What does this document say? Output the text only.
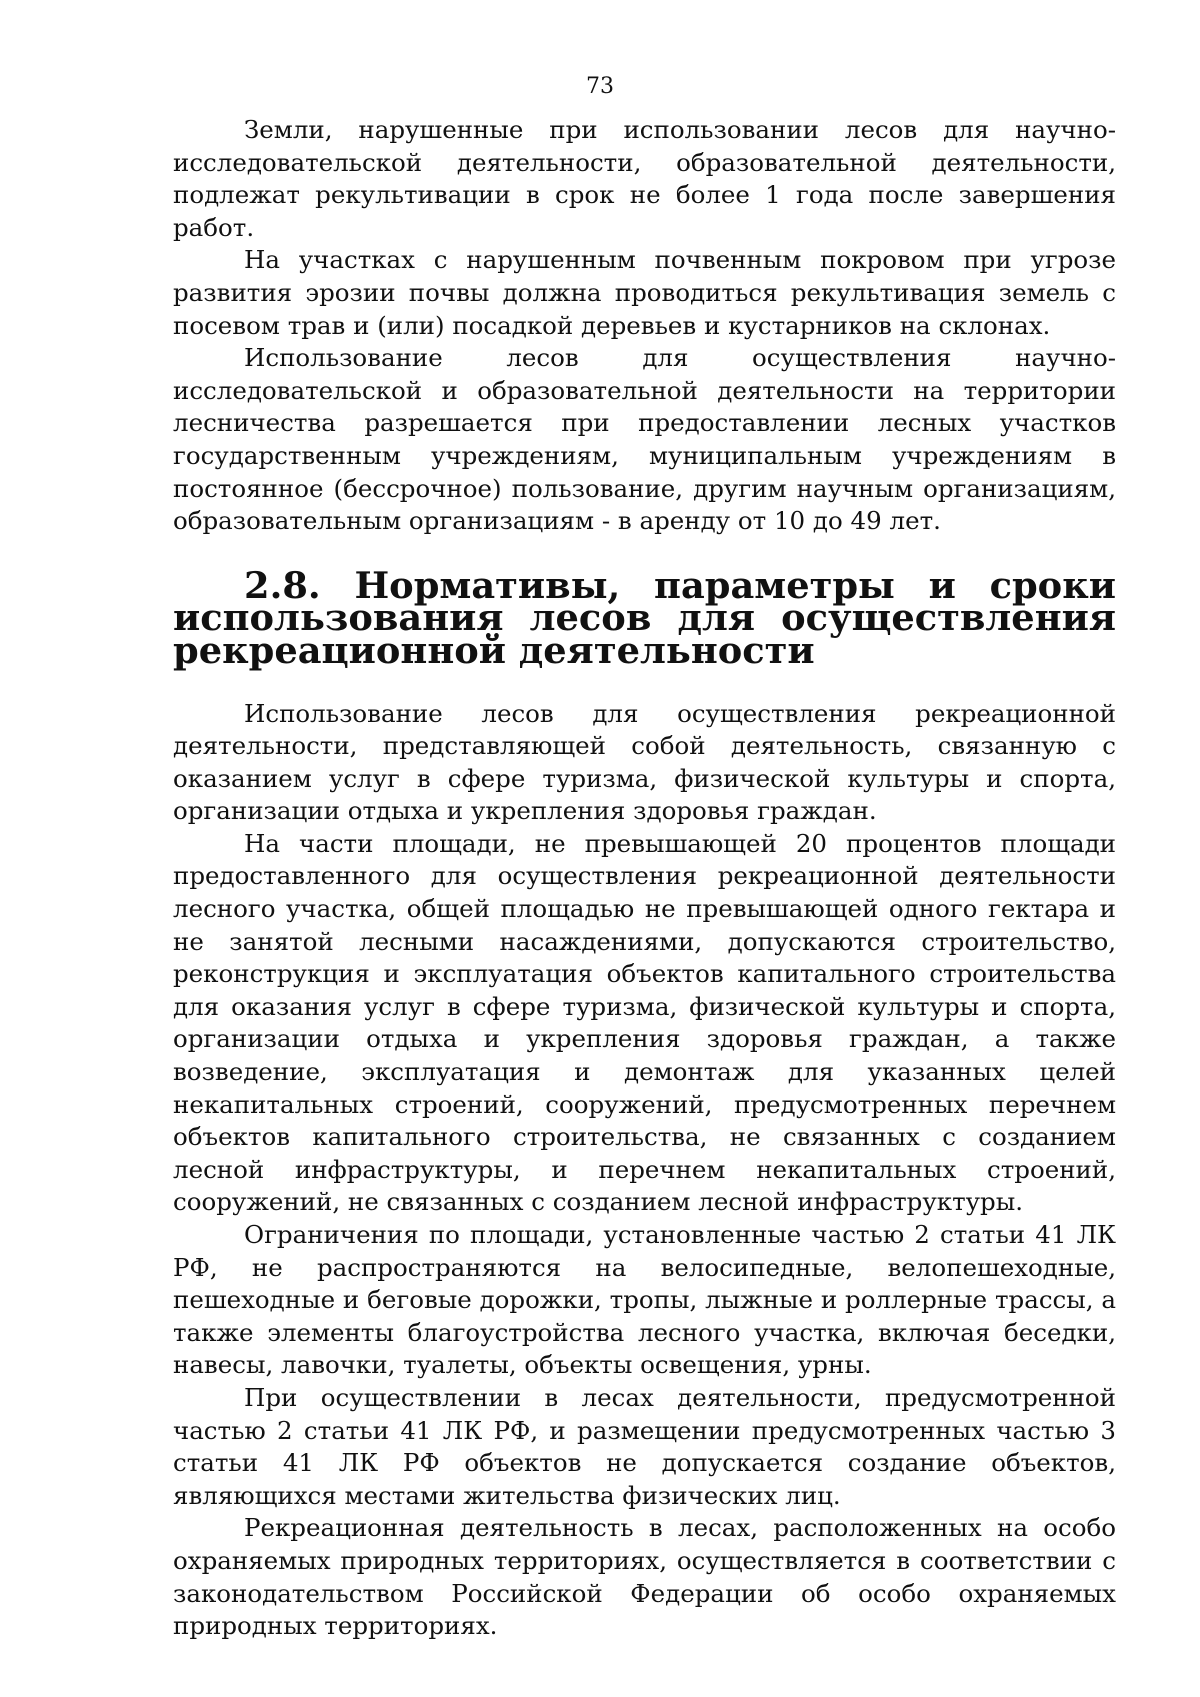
73

Земли, нарушенные при использовании лесов для научно-исследовательской деятельности, образовательной деятельности, подлежат рекультивации в срок не более 1 года после завершения работ.

На участках с нарушенным почвенным покровом при угрозе развития эрозии почвы должна проводиться рекультивация земель с посевом трав и (или) посадкой деревьев и кустарников на склонах.

Использование лесов для осуществления научно-исследовательской и образовательной деятельности на территории лесничества разрешается при предоставлении лесных участков государственным учреждениям, муниципальным учреждениям в постоянное (бессрочное) пользование, другим научным организациям, образовательным организациям - в аренду от 10 до 49 лет.

2.8. Нормативы, параметры и сроки использования лесов для осуществления рекреационной деятельности

Использование лесов для осуществления рекреационной деятельности, представляющей собой деятельность, связанную с оказанием услуг в сфере туризма, физической культуры и спорта, организации отдыха и укрепления здоровья граждан.

На части площади, не превышающей 20 процентов площади предоставленного для осуществления рекреационной деятельности лесного участка, общей площадью не превышающей одного гектара и не занятой лесными насаждениями, допускаются строительство, реконструкция и эксплуатация объектов капитального строительства для оказания услуг в сфере туризма, физической культуры и спорта, организации отдыха и укрепления здоровья граждан, а также возведение, эксплуатация и демонтаж для указанных целей некапитальных строений, сооружений, предусмотренных перечнем объектов капитального строительства, не связанных с созданием лесной инфраструктуры, и перечнем некапитальных строений, сооружений, не связанных с созданием лесной инфраструктуры.

Ограничения по площади, установленные частью 2 статьи 41 ЛК РФ, не распространяются на велосипедные, велопешеходные, пешеходные и беговые дорожки, тропы, лыжные и роллерные трассы, а также элементы благоустройства лесного участка, включая беседки, навесы, лавочки, туалеты, объекты освещения, урны.

При осуществлении в лесах деятельности, предусмотренной частью 2 статьи 41 ЛК РФ, и размещении предусмотренных частью 3 статьи 41 ЛК РФ объектов не допускается создание объектов, являющихся местами жительства физических лиц.

Рекреационная деятельность в лесах, расположенных на особо охраняемых природных территориях, осуществляется в соответствии с законодательством Российской Федерации об особо охраняемых природных территориях.
